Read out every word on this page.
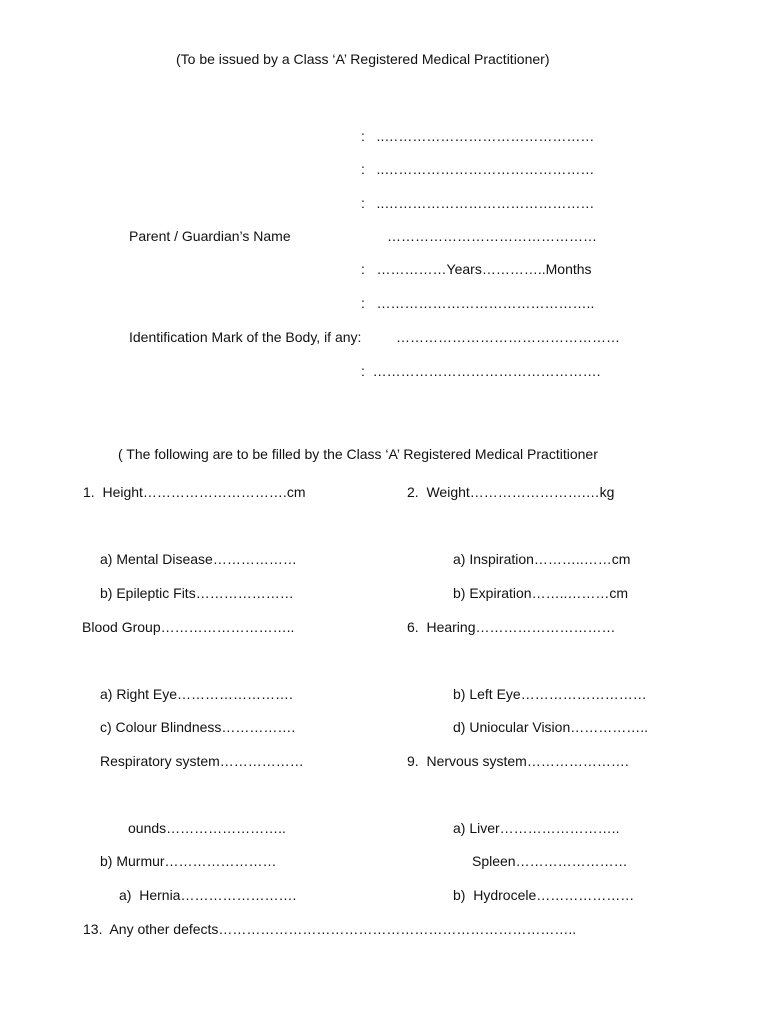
(To be issued by a Class ‘A’ Registered Medical Practitioner)
:   ..………………………………………
:   ..………………………………………
:   ..………………………………………
Parent / Guardian’s Name	………………………………………
:   ……………Years…………..Months
:   ………………………………………..
Identification Mark of the Body, if any: …………………………………………
:  ………………………………………….
( The following are to be filled by the Class ‘A’ Registered Medical Practitioner
1.  Height………………………….cm	2.  Weight…………………….…kg
a) Mental Disease………………	a) Inspiration………..……cm
b) Epileptic Fits…………………	b) Expiration……..………cm
Blood Group………………………..	6.  Hearing…………………………
a) Right Eye…………………….	b) Left Eye………………………
c) Colour Blindness…………….	d) Uniocular Vision……………..
Respiratory system………………	9.  Nervous system………………….
ounds……………………..	a) Liver……………………..
b) Murmur……………………	Spleen……………………
a)  Hernia…………………….	b)  Hydrocele…………………
13.  Any other defects…………………………………………………………………..
